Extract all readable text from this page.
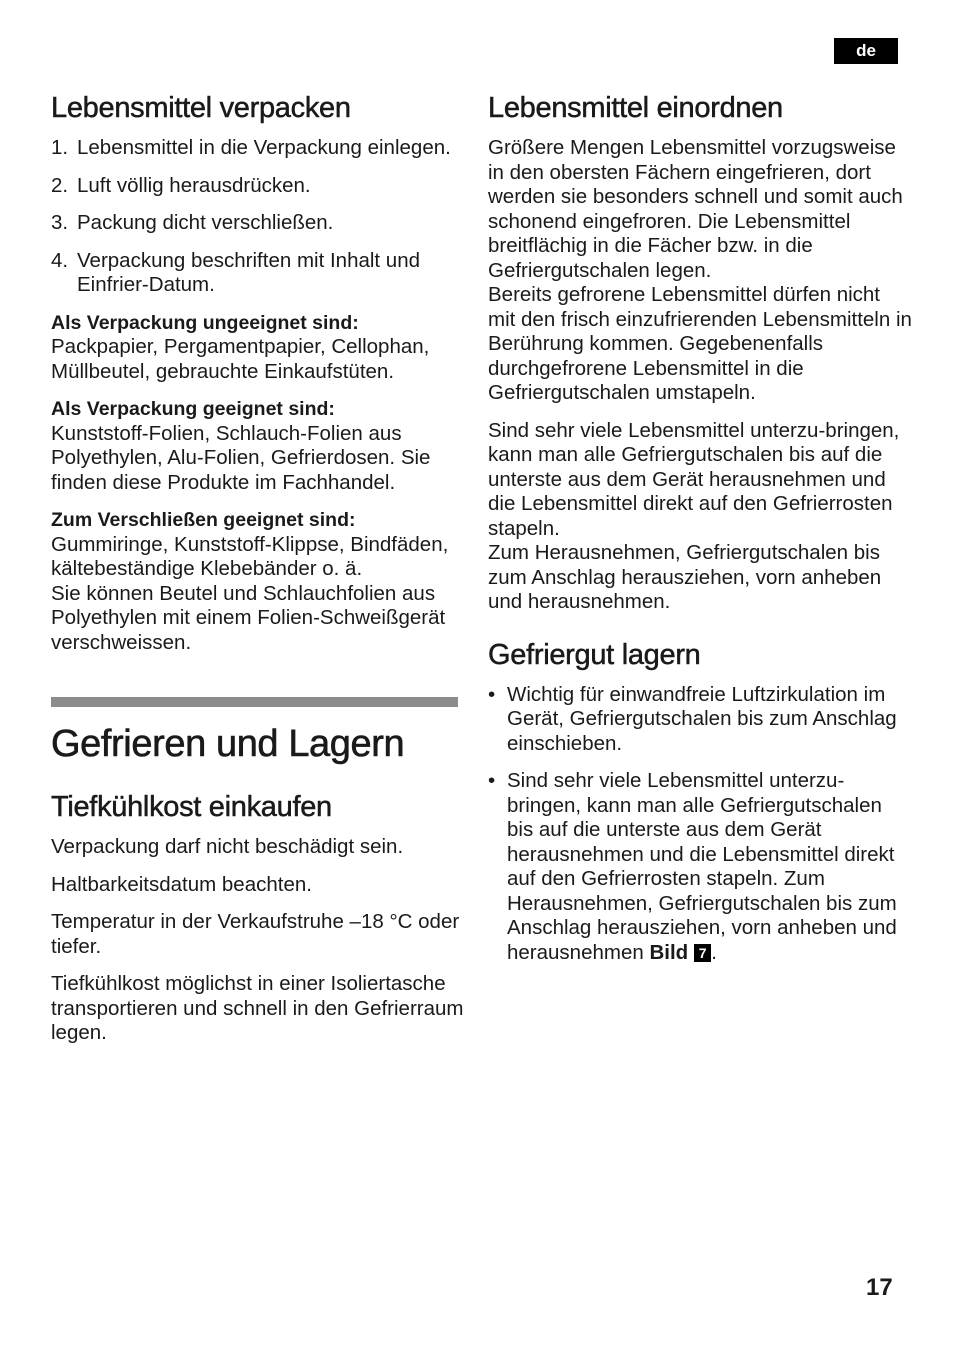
de
Lebensmittel verpacken
1. Lebensmittel in die Verpackung einlegen.
2. Luft völlig herausdrücken.
3. Packung dicht verschließen.
4. Verpackung beschriften mit Inhalt und Einfrier-Datum.

Als Verpackung ungeeignet sind:

Packpapier, Pergamentpapier, Cellophan, Müllbeutel, gebrauchte Einkaufstüten.

Als Verpackung geeignet sind:

Kunststoff-Folien, Schlauch-Folien aus Polyethylen, Alu-Folien, Gefrierdosen. Sie finden diese Produkte im Fachhandel.

Zum Verschließen geeignet sind:

Gummiringe, Kunststoff-Klippse, Bindfäden, kältebeständige Klebebänder o. ä.

Sie können Beutel und Schlauchfolien aus Polyethylen mit einem Folien-Schweißgerät verschweissen.

Gefrieren und Lagern
Tiefkühlkost einkaufen

Verpackung darf nicht beschädigt sein.

Haltbarkeitsdatum beachten.

Temperatur in der Verkaufstruhe –18 °C oder tiefer.

Tiefkühlkost möglichst in einer Isoliertasche transportieren und schnell in den Gefrierraum legen.

Lebensmittel einordnen

Größere Mengen Lebensmittel vorzugsweise in den obersten Fächern eingefrieren, dort werden sie besonders schnell und somit auch schonend eingefroren. Die Lebensmittel breitflächig in die Fächer bzw. in die Gefriergutschalen legen.

Bereits gefrorene Lebensmittel dürfen nicht mit den frisch einzufrierenden Lebensmitteln in Berührung kommen. Gegebenenfalls durchgefrorene Lebensmittel in die Gefriergutschalen umstapeln.

Sind sehr viele Lebensmittel unterzu-bringen, kann man alle Gefriergutschalen bis auf die unterste aus dem Gerät herausnehmen und die Lebensmittel direkt auf den Gefrierrosten stapeln.

Zum Herausnehmen, Gefriergutschalen bis zum Anschlag herausziehen, vorn anheben und herausnehmen.

Gefriergut lagern
• Wichtig für einwandfreie Luftzirkulation im Gerät, Gefriergutschalen bis zum Anschlag einschieben.
• Sind sehr viele Lebensmittel unterzu-bringen, kann man alle Gefriergutschalen bis auf die unterste aus dem Gerät herausnehmen und die Lebensmittel direkt auf den Gefrierrosten stapeln. Zum Herausnehmen, Gefriergutschalen bis zum Anschlag herausziehen, vorn anheben und herausnehmen Bild 7 .
17
